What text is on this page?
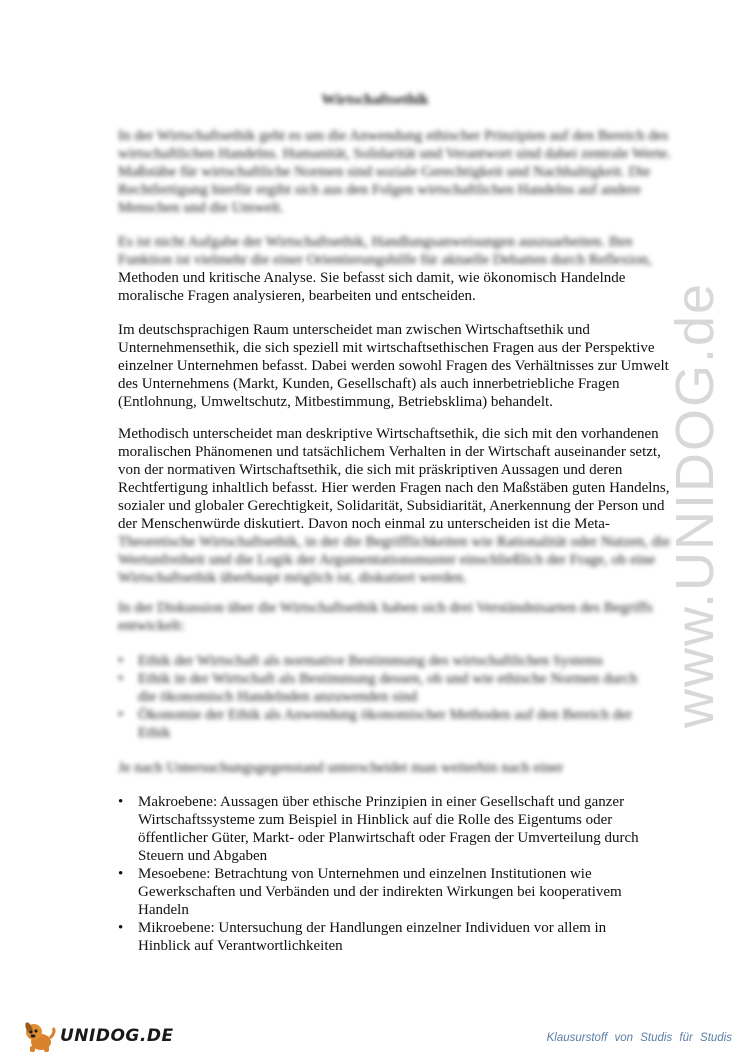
Wirtschaftsethik

In der Wirtschaftsethik geht es um die Anwendung ethischer Prinzipien auf den Bereich des
wirtschaftlichen Handelns. Humanität, Solidarität und Verantwort sind dabei zentrale Werte.
Maßstäbe für wirtschaftliche Normen sind soziale Gerechtigkeit und Nachhaltigkeit. Die
Rechtfertigung hierfür ergibt sich aus den Folgen wirtschaftlichen Handelns auf andere
Menschen und die Umwelt.

Es ist nicht Aufgabe der Wirtschaftsethik, Handlungsanweisungen auszuarbeiten. Ihre
Funktion ist vielmehr die einer Orientierungshilfe für aktuelle Debatten durch Reflexion,
Methoden und kritische Analyse. Sie befasst sich damit, wie ökonomisch Handelnde
moralische Fragen analysieren, bearbeiten und entscheiden.

Im deutschsprachigen Raum unterscheidet man zwischen Wirtschaftsethik und
Unternehmensethik, die sich speziell mit wirtschaftsethischen Fragen aus der Perspektive
einzelner Unternehmen befasst. Dabei werden sowohl Fragen des Verhältnisses zur Umwelt
des Unternehmens (Markt, Kunden, Gesellschaft) als auch innerbetriebliche Fragen
(Entlohnung, Umweltschutz, Mitbestimmung, Betriebsklima) behandelt.

Methodisch unterscheidet man deskriptive Wirtschaftsethik, die sich mit den vorhandenen
moralischen Phänomenen und tatsächlichem Verhalten in der Wirtschaft auseinander setzt,
von der normativen Wirtschaftsethik, die sich mit präskriptiven Aussagen und deren
Rechtfertigung inhaltlich befasst. Hier werden Fragen nach den Maßstäben guten Handelns,
sozialer und globaler Gerechtigkeit, Solidarität, Subsidiarität, Anerkennung der Person und
der Menschenwürde diskutiert. Davon noch einmal zu unterscheiden ist die Meta-
Theoretische Wirtschaftsethik, in der die Begrifflichkeiten wie Rationalität oder Nutzen, die
Wertunfreiheit und die Logik der Argumentationsmuster einschließlich der Frage, ob eine
Wirtschaftsethik überhaupt möglich ist, diskutiert werden.

In der Diskussion über die Wirtschaftsethik haben sich drei Verständnisarten des Begriffs
entwickelt:

• Ethik der Wirtschaft als normative Bestimmung des wirtschaftlichen Systems
• Ethik in der Wirtschaft als Bestimmung dessen, ob und wie ethische Normen durch
die ökonomisch Handelnden anzuwenden sind
• Ökonomie der Ethik als Anwendung ökonomischer Methoden auf den Bereich der
Ethik

Je nach Untersuchungsgegenstand unterscheidet man weiterhin nach einer

• Makroebene: Aussagen über ethische Prinzipien in einer Gesellschaft und ganzer
Wirtschaftssysteme zum Beispiel in Hinblick auf die Rolle des Eigentums oder
öffentlicher Güter, Markt- oder Planwirtschaft oder Fragen der Umverteilung durch
Steuern und Abgaben
• Mesoebene: Betrachtung von Unternehmen und einzelnen Institutionen wie
Gewerkschaften und Verbänden und der indirekten Wirkungen bei kooperativem
Handeln
• Mikroebene: Untersuchung der Handlungen einzelner Individuen vor allem in
Hinblick auf Verantwortlichkeiten
www.UNIDOG.de
UNIDOG.DE	Klausurstoff von Studis für Studis
